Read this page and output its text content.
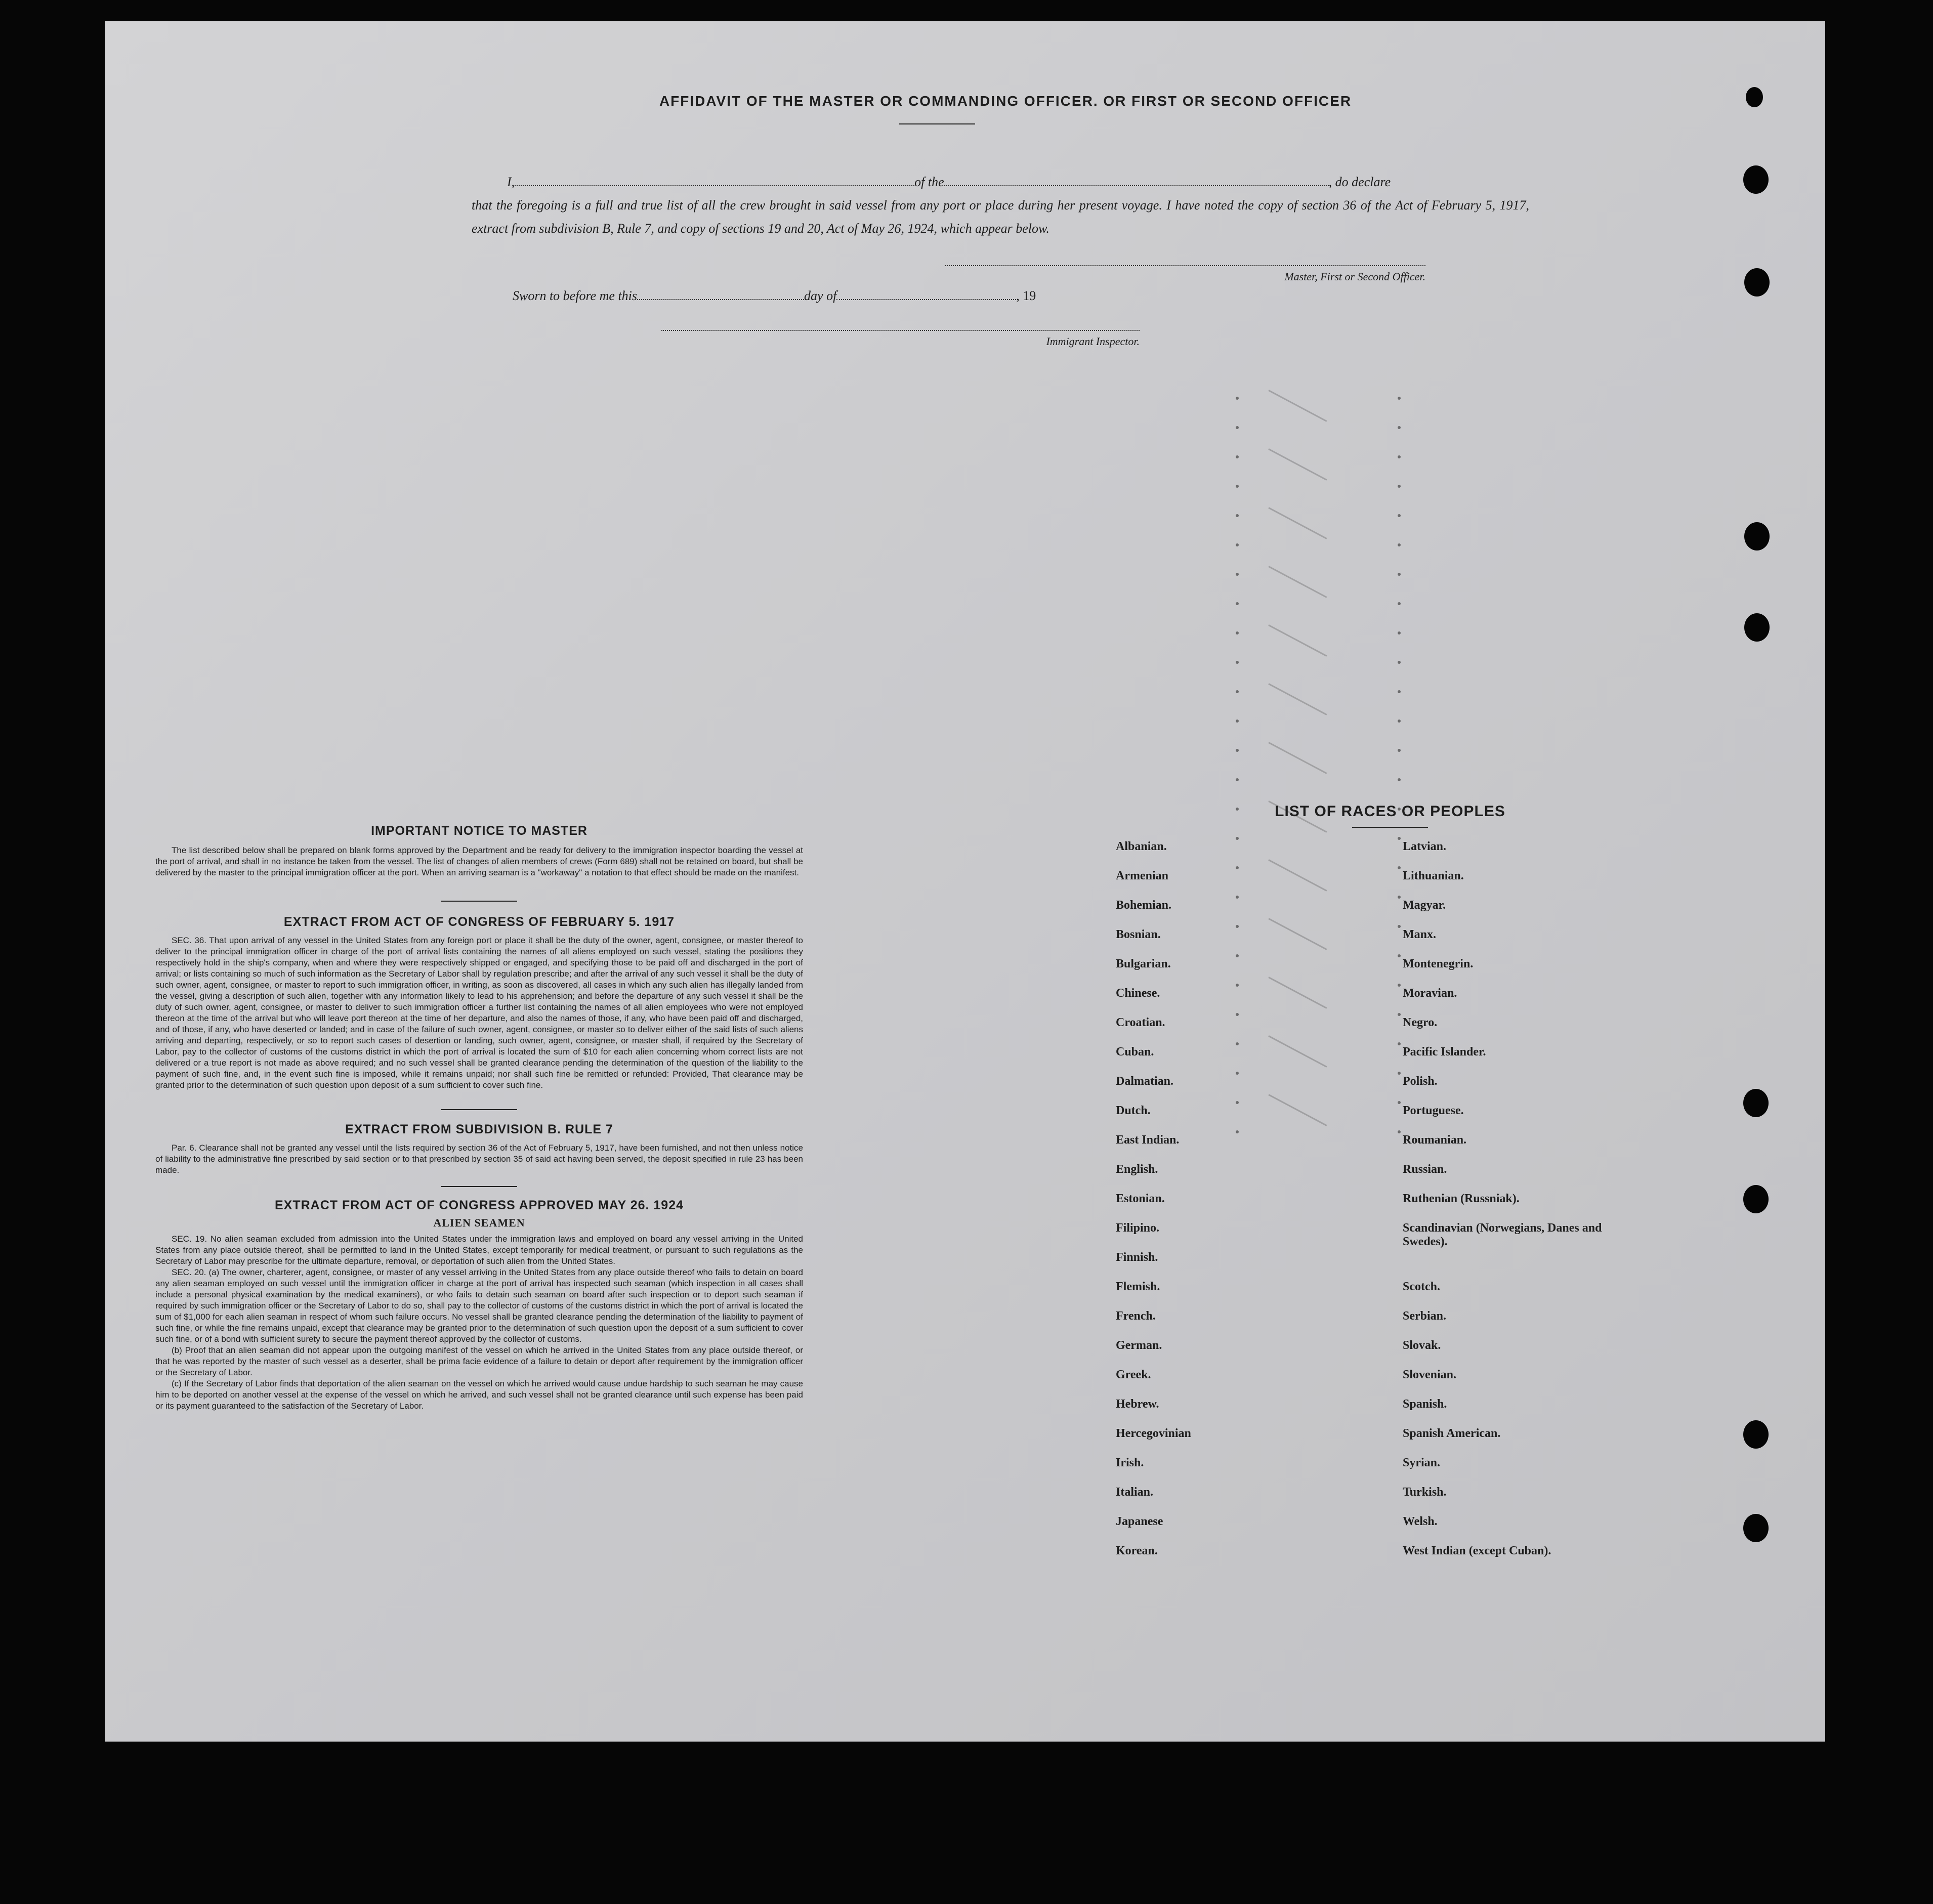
AFFIDAVIT OF THE MASTER OR COMMANDING OFFICER. OR FIRST OR SECOND OFFICER
I,	of the	, do declare
that the foregoing is a full and true list of all the crew brought in said vessel from any port or place during her present voyage. I have noted the copy of section 36 of the Act of February 5, 1917, extract from subdivision B, Rule 7, and copy of sections 19 and 20, Act of May 26, 1924, which appear below.
Master, First or Second Officer.
Sworn to before me this	day of	, 19
Immigrant Inspector.
IMPORTANT NOTICE TO MASTER

The list described below shall be prepared on blank forms approved by the Department and be ready for delivery to the immigration inspector boarding the vessel at the port of arrival, and shall in no instance be taken from the vessel. The list of changes of alien members of crews (Form 689) shall not be retained on board, but shall be delivered by the master to the principal immigration officer at the port. When an arriving seaman is a "workaway" a notation to that effect should be made on the manifest.

EXTRACT FROM ACT OF CONGRESS OF FEBRUARY 5. 1917

SEC. 36. That upon arrival of any vessel in the United States from any foreign port or place it shall be the duty of the owner, agent, consignee, or master thereof to deliver to the principal immigration officer in charge of the port of arrival lists containing the names of all aliens employed on such vessel, stating the positions they respectively hold in the ship's company, when and where they were respectively shipped or engaged, and specifying those to be paid off and discharged in the port of arrival; or lists containing so much of such information as the Secretary of Labor shall by regulation prescribe; and after the arrival of any such vessel it shall be the duty of such owner, agent, consignee, or master to report to such immigration officer, in writing, as soon as discovered, all cases in which any such alien has illegally landed from the vessel, giving a description of such alien, together with any information likely to lead to his apprehension; and before the departure of any such vessel it shall be the duty of such owner, agent, consignee, or master to deliver to such immigration officer a further list containing the names of all alien employees who were not employed thereon at the time of the arrival but who will leave port thereon at the time of her departure, and also the names of those, if any, who have been paid off and discharged, and of those, if any, who have deserted or landed; and in case of the failure of such owner, agent, consignee, or master so to deliver either of the said lists of such aliens arriving and departing, respectively, or so to report such cases of desertion or landing, such owner, agent, consignee, or master shall, if required by the Secretary of Labor, pay to the collector of customs of the customs district in which the port of arrival is located the sum of $10 for each alien concerning whom correct lists are not delivered or a true report is not made as above required; and no such vessel shall be granted clearance pending the determination of the question of the liability to the payment of such fine, and, in the event such fine is imposed, while it remains unpaid; nor shall such fine be remitted or refunded: Provided, That clearance may be granted prior to the determination of such question upon deposit of a sum sufficient to cover such fine.

EXTRACT FROM SUBDIVISION B. RULE 7

Par. 6. Clearance shall not be granted any vessel until the lists required by section 36 of the Act of February 5, 1917, have been furnished, and not then unless notice of liability to the administrative fine prescribed by said section or to that prescribed by section 35 of said act having been served, the deposit specified in rule 23 has been made.

EXTRACT FROM ACT OF CONGRESS APPROVED MAY 26. 1924
ALIEN SEAMEN

SEC. 19. No alien seaman excluded from admission into the United States under the immigration laws and employed on board any vessel arriving in the United States from any place outside thereof, shall be permitted to land in the United States, except temporarily for medical treatment, or pursuant to such regulations as the Secretary of Labor may prescribe for the ultimate departure, removal, or deportation of such alien from the United States.

SEC. 20. (a) The owner, charterer, agent, consignee, or master of any vessel arriving in the United States from any place outside thereof who fails to detain on board any alien seaman employed on such vessel until the immigration officer in charge at the port of arrival has inspected such seaman (which inspection in all cases shall include a personal physical examination by the medical examiners), or who fails to detain such seaman on board after such inspection or to deport such seaman if required by such immigration officer or the Secretary of Labor to do so, shall pay to the collector of customs of the customs district in which the port of arrival is located the sum of $1,000 for each alien seaman in respect of whom such failure occurs. No vessel shall be granted clearance pending the determination of the liability to payment of such fine, or while the fine remains unpaid, except that clearance may be granted prior to the determination of such question upon the deposit of a sum sufficient to cover such fine, or of a bond with sufficient surety to secure the payment thereof approved by the collector of customs.

(b) Proof that an alien seaman did not appear upon the outgoing manifest of the vessel on which he arrived in the United States from any place outside thereof, or that he was reported by the master of such vessel as a deserter, shall be prima facie evidence of a failure to detain or deport after requirement by the immigration officer or the Secretary of Labor.

(c) If the Secretary of Labor finds that deportation of the alien seaman on the vessel on which he arrived would cause undue hardship to such seaman he may cause him to be deported on another vessel at the expense of the vessel on which he arrived, and such vessel shall not be granted clearance until such expense has been paid or its payment guaranteed to the satisfaction of the Secretary of Labor.

LIST OF RACES OR PEOPLES
Albanian.
Armenian
Bohemian.
Bosnian.
Bulgarian.
Chinese.
Croatian.
Cuban.
Dalmatian.
Dutch.
East Indian.
English.
Estonian.
Filipino.
Finnish.
Flemish.
French.
German.
Greek.
Hebrew.
Hercegovinian
Irish.
Italian.
Japanese
Korean.
Latvian.
Lithuanian.
Magyar.
Manx.
Montenegrin.
Moravian.
Negro.
Pacific Islander.
Polish.
Portuguese.
Roumanian.
Russian.
Ruthenian (Russniak).
Scandinavian (Norwegians, Danes and Swedes).
Scotch.
Serbian.
Slovak.
Slovenian.
Spanish.
Spanish American.
Syrian.
Turkish.
Welsh.
West Indian (except Cuban).
